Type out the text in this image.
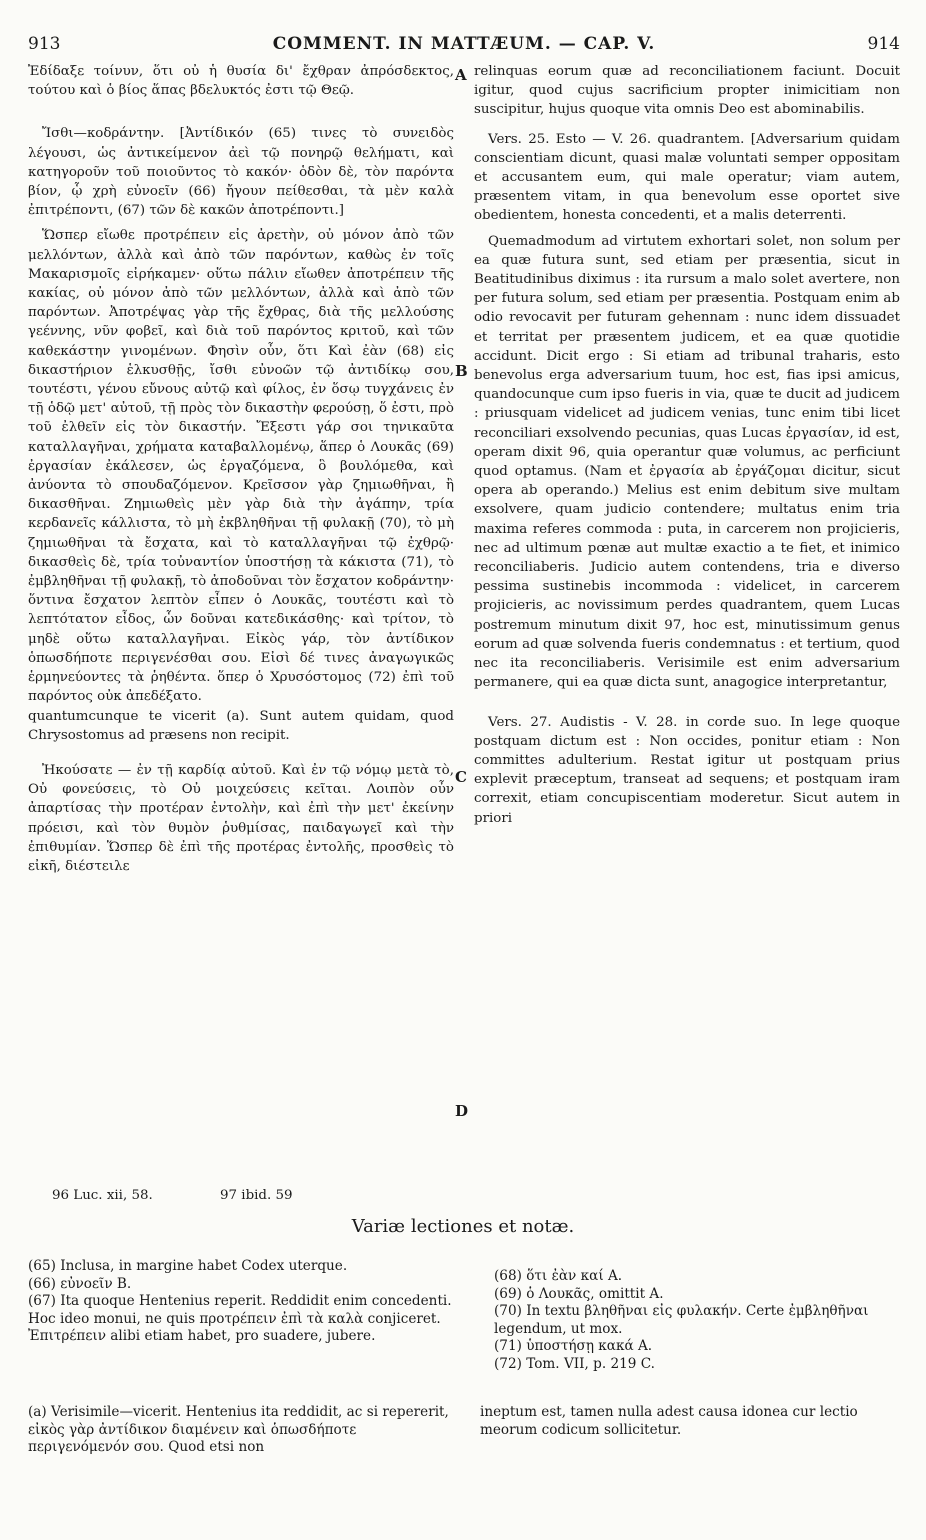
913	COMMENT. IN MATTÆUM. — CAP. V.	914

Ἐδίδαξε τοίνυν, ὅτι οὐ ἡ θυσία δι' ἔχθραν ἀπρόσδεκτος, τούτου καὶ ὁ βίος ἅπας βδελυκτός ἐστι τῷ Θεῷ.

Ἴσθι—κοδράντην. [Ἀντίδικόν (65) τινες τὸ συνειδὸς λέγουσι, ὡς ἀντικείμενον ἀεὶ τῷ πονηρῷ θελήματι, καὶ κατηγοροῦν τοῦ ποιοῦντος τὸ κακόν· ὁδὸν δὲ, τὸν παρόντα βίον, ᾧ χρὴ εὐνοεῖν (66) ἤγουν πείθεσθαι, τὰ μὲν καλὰ ἐπιτρέποντι, (67) τῶν δὲ κακῶν ἀποτρέποντι.]

Ὥσπερ εἴωθε προτρέπειν εἰς ἀρετὴν, οὐ μόνον ἀπὸ τῶν μελλόντων, ἀλλὰ καὶ ἀπὸ τῶν παρόντων, καθὼς ἐν τοῖς Μακαρισμοῖς εἰρήκαμεν· οὕτω πάλιν εἴωθεν ἀποτρέπειν τῆς κακίας, οὐ μόνον ἀπὸ τῶν μελλόντων, ἀλλὰ καὶ ἀπὸ τῶν παρόντων. Ἀποτρέψας γὰρ τῆς ἔχθρας, διὰ τῆς μελλούσης γεέννης, νῦν φοβεῖ, καὶ διὰ τοῦ παρόντος κριτοῦ, καὶ τῶν καθεκάστην γινομένων. Φησὶν οὖν, ὅτι Καὶ ἐὰν (68) εἰς δικαστήριον ἑλκυσθῇς, ἴσθι εὐνοῶν τῷ ἀντιδίκῳ σου, τουτέστι, γένου εὔνους αὐτῷ καὶ φίλος, ἐν ὅσῳ τυγχάνεις ἐν τῇ ὁδῷ μετ' αὐτοῦ, τῇ πρὸς τὸν δικαστὴν φερούσῃ, ὅ ἐστι, πρὸ τοῦ ἐλθεῖν εἰς τὸν δικαστήν. Ἔξεστι γάρ σοι τηνικαῦτα καταλλαγῆναι, χρήματα καταβαλλομένῳ, ἅπερ ὁ Λουκᾶς (69) ἐργασίαν ἐκάλεσεν, ὡς ἐργαζόμενα, ὃ βουλόμεθα, καὶ ἀνύοντα τὸ σπουδαζόμενον. Κρεῖσσον γὰρ ζημιωθῆναι, ἢ δικασθῆναι. Ζημιωθεὶς μὲν γὰρ διὰ τὴν ἀγάπην, τρία κερδανεῖς κάλλιστα, τὸ μὴ ἐκβληθῆναι τῇ φυλακῇ (70), τὸ μὴ ζημιωθῆναι τὰ ἔσχατα, καὶ τὸ καταλλαγῆναι τῷ ἐχθρῷ· δικασθεὶς δὲ, τρία τοὐναντίον ὑποστήσῃ τὰ κάκιστα (71), τὸ ἐμβληθῆναι τῇ φυλακῇ, τὸ ἀποδοῦναι τὸν ἔσχατον κοδράντην· ὅντινα ἔσχατον λεπτὸν εἶπεν ὁ Λουκᾶς, τουτέστι καὶ τὸ λεπτότατον εἶδος, ὧν δοῦναι κατεδικάσθης· καὶ τρίτον, τὸ μηδὲ οὕτω καταλλαγῆναι. Εἰκὸς γάρ, τὸν ἀντίδικον ὁπωσδήποτε περιγενέσθαι σου. Εἰσὶ δέ τινες ἀναγωγικῶς ἑρμηνεύοντες τὰ ῥηθέντα. ὅπερ ὁ Χρυσόστομος (72) ἐπὶ τοῦ παρόντος οὐκ ἀπεδέξατο.

quantumcunque te vicerit (a). Sunt autem quidam, quod Chrysostomus ad præsens non recipit.

Ἠκούσατε — ἐν τῇ καρδίᾳ αὐτοῦ. Καὶ ἐν τῷ νόμῳ μετὰ τὸ, Οὐ φονεύσεις, τὸ Οὐ μοιχεύσεις κεῖται. Λοιπὸν οὖν ἀπαρτίσας τὴν προτέραν ἐντολὴν, καὶ ἐπὶ τὴν μετ' ἐκείνην πρόεισι, καὶ τὸν θυμὸν ῥυθμίσας, παιδαγωγεῖ καὶ τὴν ἐπιθυμίαν. Ὥσπερ δὲ ἐπὶ τῆς προτέρας ἐντολῆς, προσθεὶς τὸ εἰκῆ, διέστειλε

A
B
C
D

relinquas eorum quæ ad reconciliationem faciunt. Docuit igitur, quod cujus sacrificium propter inimicitiam non suscipitur, hujus quoque vita omnis Deo est abominabilis.

Vers. 25. Esto — V. 26. quadrantem. [Adversarium quidam conscientiam dicunt, quasi malæ voluntati semper oppositam et accusantem eum, qui male operatur; viam autem, præsentem vitam, in qua benevolum esse oportet sive obedientem, honesta concedenti, et a malis deterrenti.

Quemadmodum ad virtutem exhortari solet, non solum per ea quæ futura sunt, sed etiam per præsentia, sicut in Beatitudinibus diximus : ita rursum a malo solet avertere, non per futura solum, sed etiam per præsentia. Postquam enim ab odio revocavit per futuram gehennam : nunc idem dissuadet et territat per præsentem judicem, et ea quæ quotidie accidunt. Dicit ergo : Si etiam ad tribunal traharis, esto benevolus erga adversarium tuum, hoc est, fias ipsi amicus, quandocunque cum ipso fueris in via, quæ te ducit ad judicem : priusquam videlicet ad judicem venias, tunc enim tibi licet reconciliari exsolvendo pecunias, quas Lucas ἐργασίαν, id est, operam dixit 96, quia operantur quæ volumus, ac perficiunt quod optamus. (Nam et ἐργασία ab ἐργάζομαι dicitur, sicut opera ab operando.) Melius est enim debitum sive multam exsolvere, quam judicio contendere; multatus enim tria maxima referes commoda : puta, in carcerem non projicieris, nec ad ultimum pœnæ aut multæ exactio a te fiet, et inimico reconciliaberis. Judicio autem contendens, tria e diverso pessima sustinebis incommoda : videlicet, in carcerem projicieris, ac novissimum perdes quadrantem, quem Lucas postremum minutum dixit 97, hoc est, minutissimum genus eorum ad quæ solvenda fueris condemnatus : et tertium, quod nec ita reconciliaberis. Verisimile est enim adversarium permanere, qui ea quæ dicta sunt, anagogice interpretantur,

Vers. 27. Audistis - V. 28. in corde suo. In lege quoque postquam dictum est : Non occides, ponitur etiam : Non committes adulterium. Restat igitur ut postquam prius explevit præceptum, transeat ad sequens; et postquam iram correxit, etiam concupiscentiam moderetur. Sicut autem in priori

96 Luc. xii, 58.	97 ibid. 59
Variæ lectiones et notæ.
(65) Inclusa, in margine habet Codex uterque.
(66) εὐνοεῖν B.
(67) Ita quoque Hentenius reperit. Reddidit enim concedenti. Hoc ideo monui, ne quis προτρέπειν ἐπὶ τὰ καλὰ conjiceret. Ἐπιτρέπειν alibi etiam habet, pro suadere, jubere.
(68) ὅτι ἐὰν καί A.
(69) ὁ Λουκᾶς, omittit A.
(70) In textu βληθῆναι εἰς φυλακήν. Certe ἐμβληθῆναι legendum, ut mox.
(71) ὑποστήσῃ κακά A.
(72) Tom. VII, p. 219 C.
(a) Verisimile—vicerit. Hentenius ita reddidit, ac si repererit, εἰκὸς γὰρ ἀντίδικον διαμένειν καὶ ὁπωσδήποτε περιγενόμενόν σου. Quod etsi non
ineptum est, tamen nulla adest causa idonea cur lectio meorum codicum sollicitetur.
